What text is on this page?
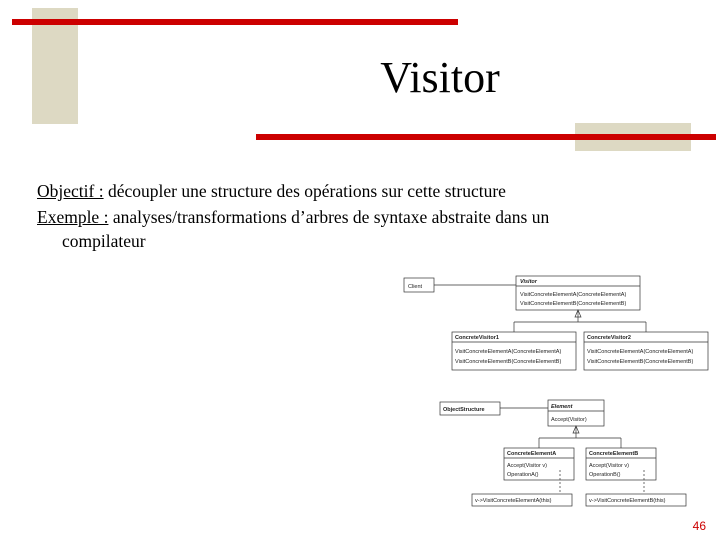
Visitor
Objectif : découpler une structure des opérations sur cette structure
Exemple : analyses/transformations d’arbres de syntaxe abstraite dans un
compilateur
Client
Visitor
VisitConcreteElementA(ConcreteElementA)
VisitConcreteElementB(ConcreteElementB)
ConcreteVisitor1
VisitConcreteElementA(ConcreteElementA)
VisitConcreteElementB(ConcreteElementB)
ConcreteVisitor2
VisitConcreteElementA(ConcreteElementA)
VisitConcreteElementB(ConcreteElementB)
ObjectStructure	Element
Accept(Visitor)
ConcreteElementA
Accept(Visitor v)
OperationA()
ConcreteElementB
Accept(Visitor v)
OperationB()
v->VisitConcreteElementA(this)	v->VisitConcreteElementB(this)
46
